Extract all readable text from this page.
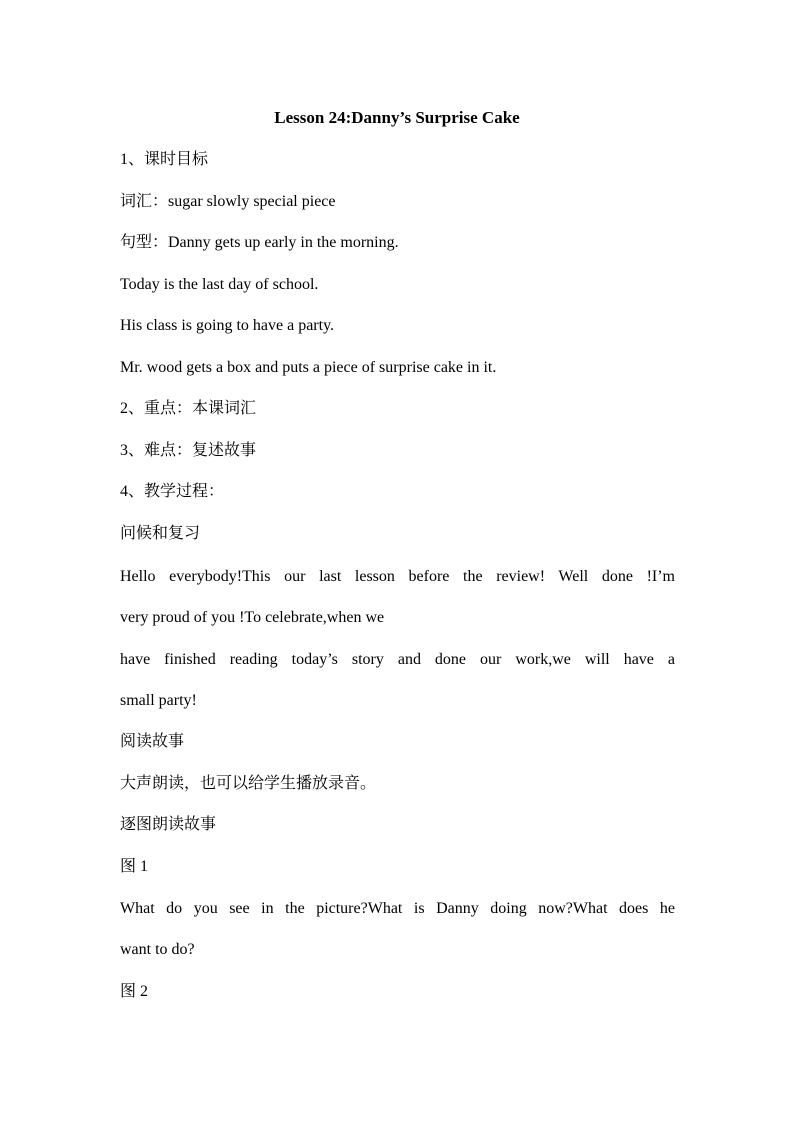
Lesson 24:Danny’s Surprise Cake
1、课时目标
词汇：sugar slowly special piece
句型：Danny gets up early in the morning.
Today is the last day of school.
His class is going to have a party.
Mr. wood gets a box and puts a piece of surprise cake in it.
2、重点：本课词汇
3、难点：复述故事
4、教学过程：
问候和复习
Hello everybody!This our last lesson before the review! Well done !I’m
very proud of you !To celebrate,when we
have finished reading today’s story and done our work,we will have a
small party!
阅读故事
大声朗读，也可以给学生播放录音。
逐图朗读故事
图 1
What do you see in the picture?What is Danny doing now?What does he
want to do?
图 2
